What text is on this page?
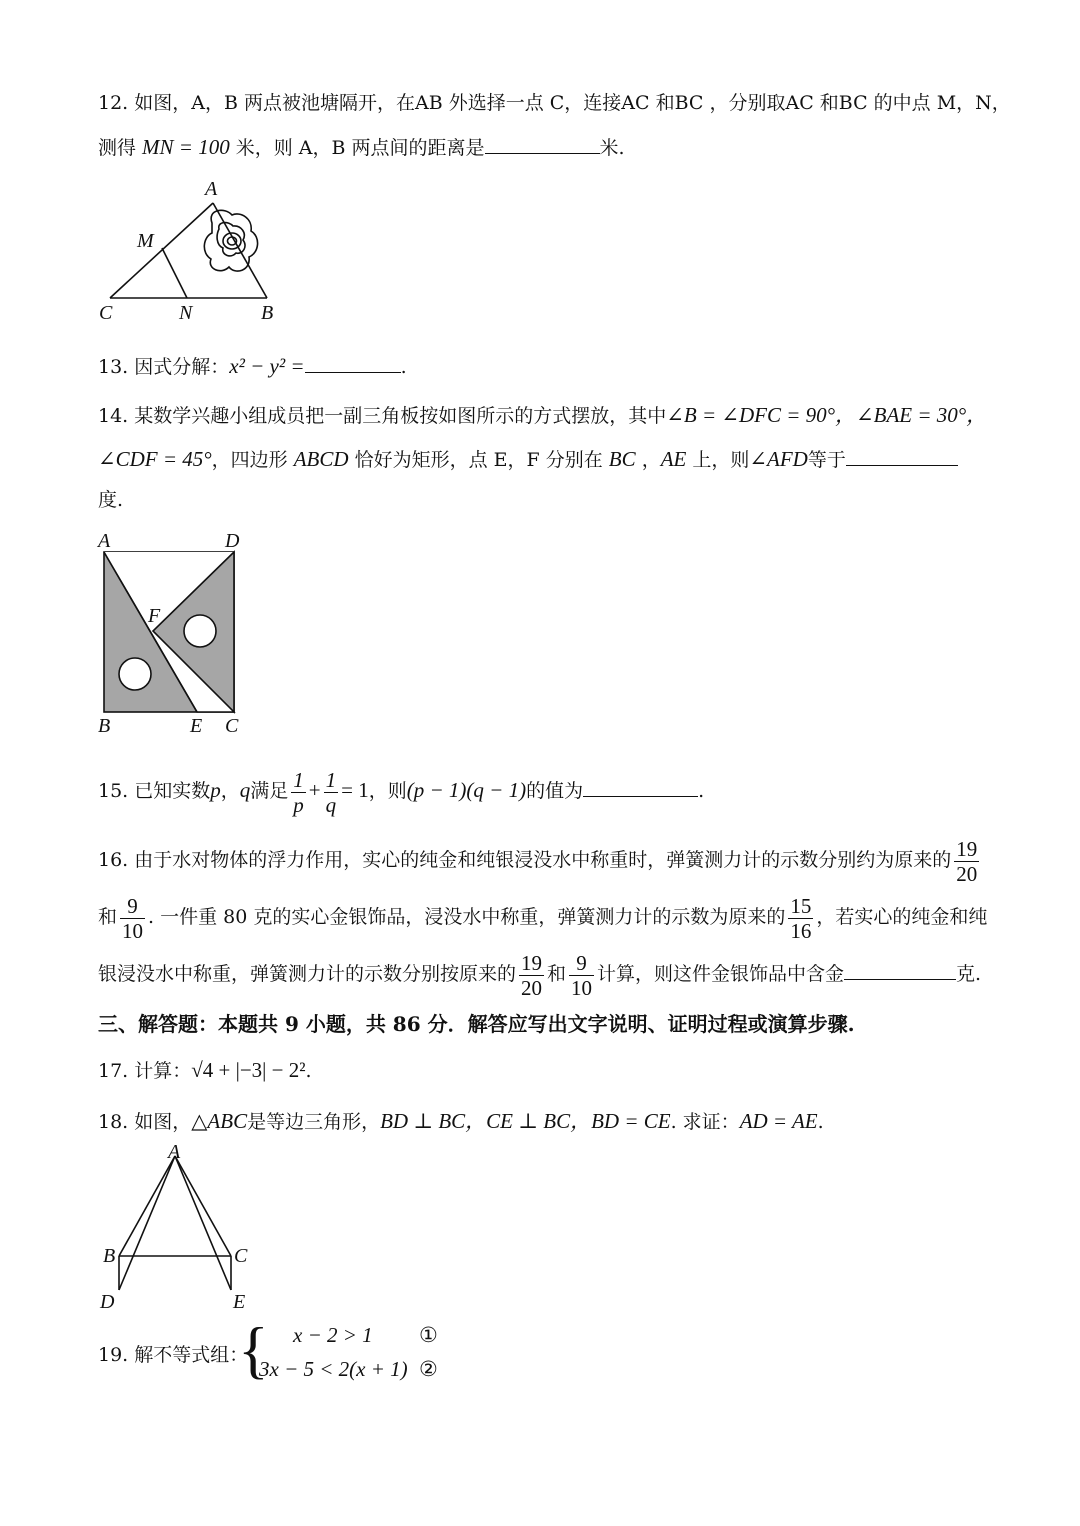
12. 如图，A，B 两点被池塘隔开，在AB 外选择一点 C，连接AC 和BC ，分别取AC 和BC 的中点 M，N，
测得 MN = 100 米，则 A，B 两点间的距离是	米.
A
M
C	N	B
13. 因式分解：x² − y² =	.
14. 某数学兴趣小组成员把一副三角板按如图所示的方式摆放，其中∠B = ∠DFC = 90°，∠BAE = 30°，
∠CDF = 45°，四边形 ABCD 恰好为矩形，点 E，F 分别在 BC ，AE 上，则∠AFD等于
度.
A	D
F
B	E C
15. 已知实数p，q满足 $\frac{1}{p} + \frac{1}{q} = 1$，则(p − 1)(q − 1)的值为	.
16. 由于水对物体的浮力作用，实心的纯金和纯银浸没水中称重时，弹簧测力计的示数分别约为原来的 $\frac{19}{20}$
和 $\frac{9}{10}$ . 一件重 80 克的实心金银饰品，浸没水中称重，弹簧测力计的示数为原来的 $\frac{15}{16}$ ，若实心的纯金和纯
银浸没水中称重，弹簧测力计的示数分别按原来的 $\frac{19}{20}$ 和 $\frac{9}{10}$ 计算，则这件金银饰品中含金	克.
三、解答题：本题共 9 小题，共 86 分．解答应写出文字说明、证明过程或演算步骤.
17. 计算：√4 + |−3| − 2².
18. 如图，△ABC是等边三角形，BD ⊥ BC，CE ⊥ BC，BD = CE. 求证：AD = AE.
A
B	C
D	E
19. 解不等式组：
{ x − 2 > 1
3x − 5 < 2(x + 1)
①
②
